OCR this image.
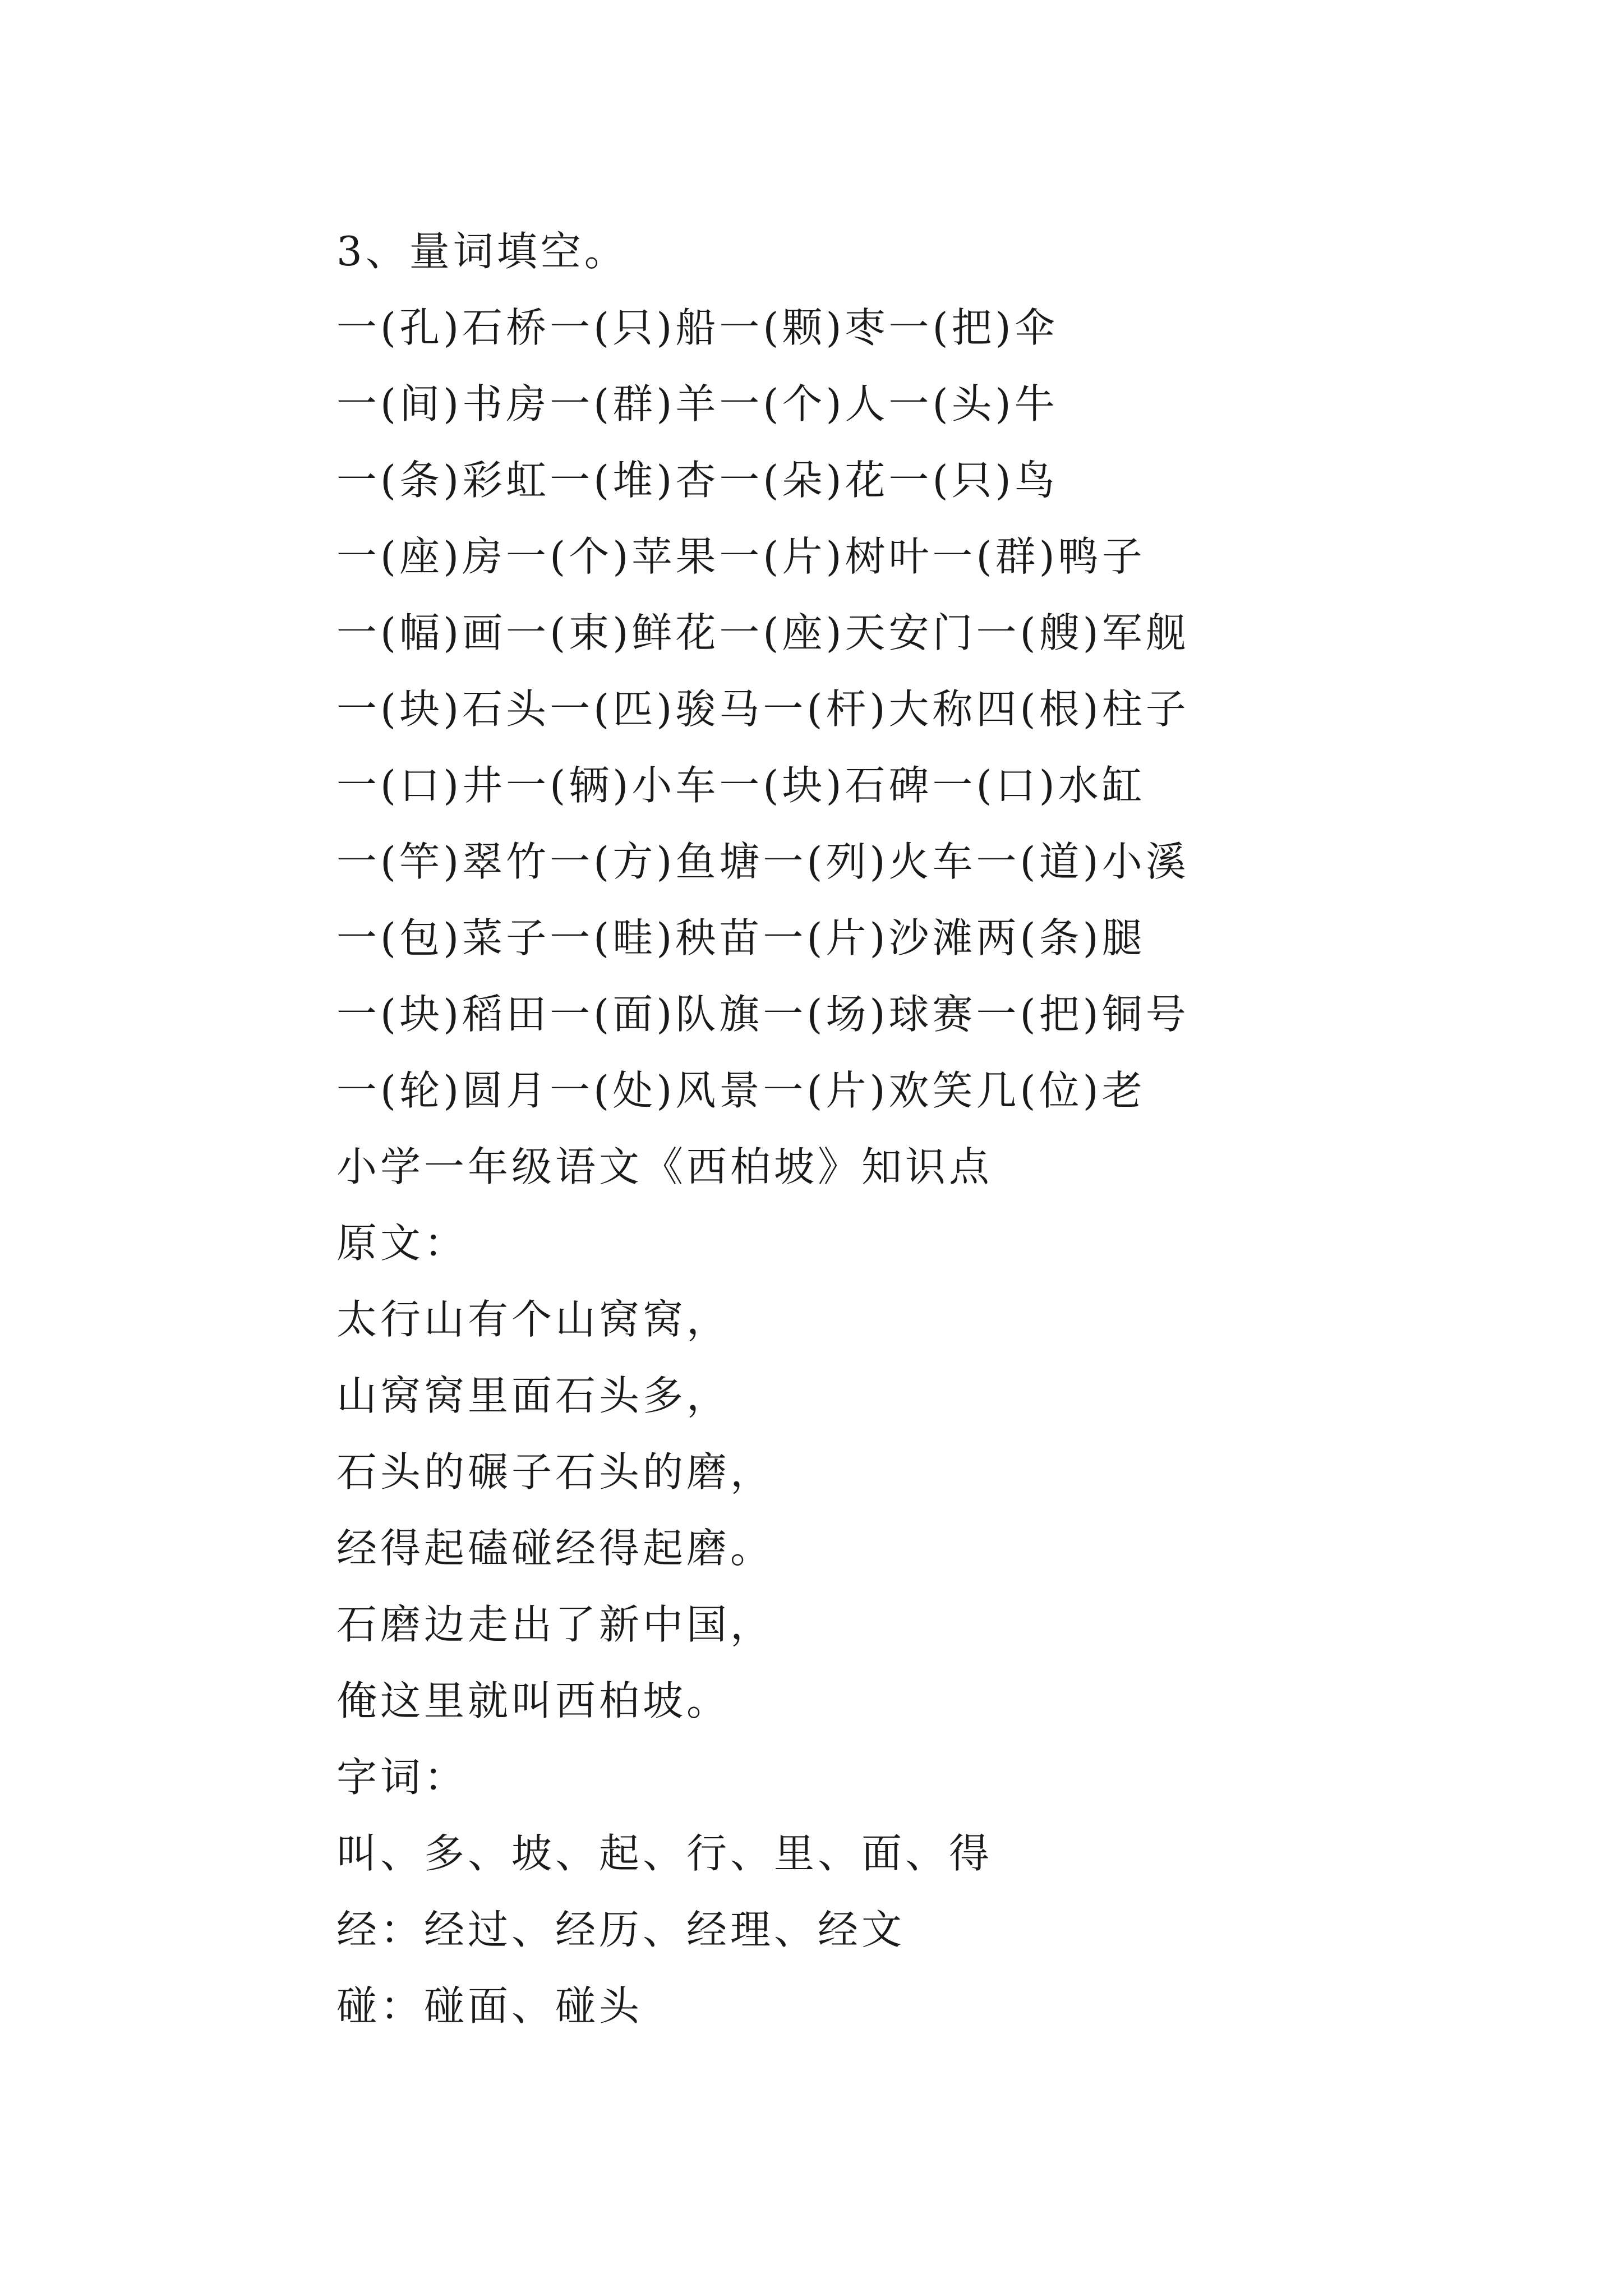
3、量词填空。
一(孔)石桥一(只)船一(颗)枣一(把)伞
一(间)书房一(群)羊一(个)人一(头)牛
一(条)彩虹一(堆)杏一(朵)花一(只)鸟
一(座)房一(个)苹果一(片)树叶一(群)鸭子
一(幅)画一(束)鲜花一(座)天安门一(艘)军舰
一(块)石头一(匹)骏马一(杆)大称四(根)柱子
一(口)井一(辆)小车一(块)石碑一(口)水缸
一(竿)翠竹一(方)鱼塘一(列)火车一(道)小溪
一(包)菜子一(畦)秧苗一(片)沙滩两(条)腿
一(块)稻田一(面)队旗一(场)球赛一(把)铜号
一(轮)圆月一(处)风景一(片)欢笑几(位)老
小学一年级语文《西柏坡》知识点
原文：
太行山有个山窝窝，
山窝窝里面石头多，
石头的碾子石头的磨，
经得起磕碰经得起磨。
石磨边走出了新中国，
俺这里就叫西柏坡。
字词：
叫、多、坡、起、行、里、面、得
经：经过、经历、经理、经文
碰：碰面、碰头
